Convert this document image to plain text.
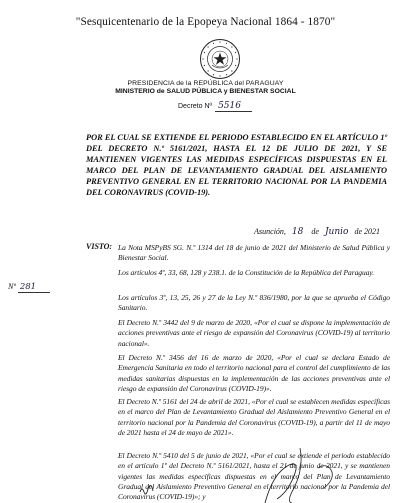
"Sesquicentenario de la Epopeya Nacional 1864 - 1870"
PRESIDENCIA de la REPÚBLICA del PARAGUAY
MINISTERIO de SALUD PÚBLICA y BIENESTAR SOCIAL
Decreto Nº 5516
POR EL CUAL SE EXTIENDE EL PERIODO ESTABLECIDO EN EL ARTÍCULO 1º DEL DECRETO N.º 5161/2021, HASTA EL 12 DE JULIO DE 2021, Y SE MANTIENEN VIGENTES LAS MEDIDAS ESPECÍFICAS DISPUESTAS EN EL MARCO DEL PLAN DE LEVANTAMIENTO GRADUAL DEL AISLAMIENTO PREVENTIVO GENERAL EN EL TERRITORIO NACIONAL POR LA PANDEMIA DEL CORONAVIRUS (COVID-19).
Asunción, 18 de Junio de 2021
VISTO:
Nº 281
La Nota MSPyBS SG. N.º 1314 del 18 de junio de 2021 del Ministerio de Salud Pública y Bienestar Social.
Los artículos 4º, 33, 68, 128 y 238.1. de la Constitución de la República del Paraguay.
Los artículos 3º, 13, 25, 26 y 27 de la Ley N.º 836/1980, por la que se aprueba el Código Sanitario.
El Decreto N.º 3442 del 9 de marzo de 2020, «Por el cual se dispone la implementación de acciones preventivas ante el riesgo de expansión del Coronavirus (COVID-19) al territorio nacional».
El Decreto N.º 3456 del 16 de marzo de 2020, «Por el cual se declara Estado de Emergencia Sanitaria en todo el territorio nacional para el control del cumplimiento de las medidas sanitarias dispuestas en la implementación de las acciones preventivas ante el riesgo de expansión del Coronavirus (COVID-19)».
El Decreto N.º 5161 del 24 de abril de 2021, «Por el cual se establecen medidas específicas en el marco del Plan de Levantamiento Gradual del Aislamiento Preventivo General en el territorio nacional por la Pandemia del Coronavirus (COVID-19), a partir del 11 de mayo de 2021 hasta el 24 de mayo de 2021».
El Decreto N.º 5410 del 5 de junio de 2021, «Por el cual se extiende el periodo establecido en el artículo 1º del Decreto N.º 5161/2021, hasta el 21 de junio de 2021, y se mantienen vigentes las medidas específicas dispuestas en el marco del Plan de Levantamiento Gradual del Aislamiento Preventivo General en el territorio nacional por la Pandemia del Coronavirus (COVID-19)»; y
